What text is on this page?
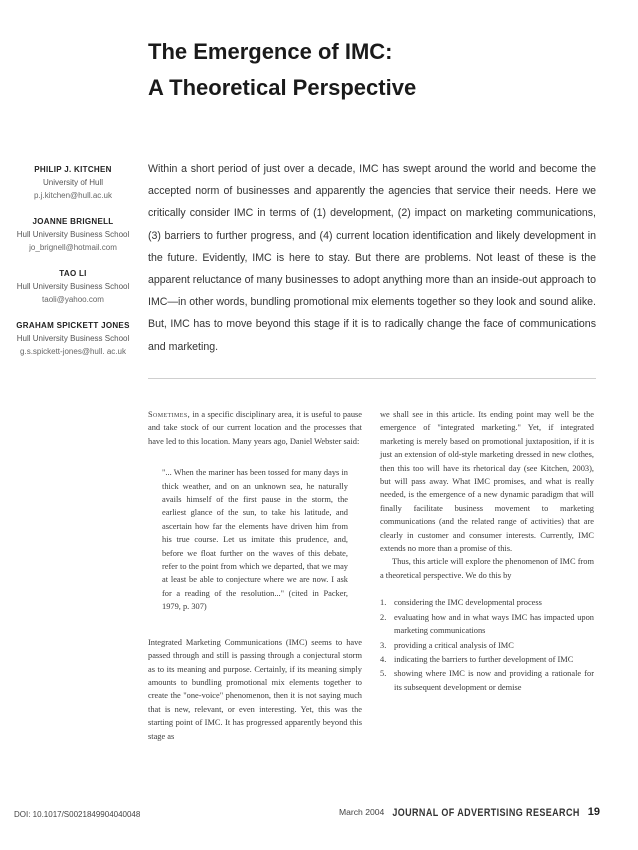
The Emergence of IMC:
A Theoretical Perspective
PHILIP J. KITCHEN
University of Hull
p.j.kitchen@hull.ac.uk
JOANNE BRIGNELL
Hull University Business School
jo_brignell@hotmail.com
TAO LI
Hull University Business School
taoli@yahoo.com
GRAHAM SPICKETT JONES
Hull University Business School
g.s.spickett-jones@hull. ac.uk
Within a short period of just over a decade, IMC has swept around the world and become the accepted norm of businesses and apparently the agencies that service their needs. Here we critically consider IMC in terms of (1) development, (2) impact on marketing communications, (3) barriers to further progress, and (4) current location identification and likely development in the future. Evidently, IMC is here to stay. But there are problems. Not least of these is the apparent reluctance of many businesses to adopt anything more than an inside-out approach to IMC—in other words, bundling promotional mix elements together so they look and sound alike. But, IMC has to move beyond this stage if it is to radically change the face of communications and marketing.

Sometimes, in a specific disciplinary area, it is useful to pause and take stock of our current location and the processes that have led to this location. Many years ago, Daniel Webster said:

"... When the mariner has been tossed for many days in thick weather, and on an unknown sea, he naturally avails himself of the first pause in the storm, the earliest glance of the sun, to take his latitude, and ascertain how far the elements have driven him from his true course. Let us imitate this prudence, and, before we float further on the waves of this debate, refer to the point from which we departed, that we may at least be able to conjecture where we are now. I ask for a reading of the resolution..." (cited in Packer, 1979, p. 307)

Integrated Marketing Communications (IMC) seems to have passed through and still is passing through a conjectural storm as to its meaning and purpose. Certainly, if its meaning simply amounts to bundling promotional mix elements together to create the "one-voice" phenomenon, then it is not saying much that is new, relevant, or even interesting. Yet, this was the starting point of IMC. It has progressed apparently beyond this stage as

we shall see in this article. Its ending point may well be the emergence of "integrated marketing." Yet, if integrated marketing is merely based on promotional juxtaposition, if it is just an extension of old-style marketing dressed in new clothes, then this too will have its rhetorical day (see Kitchen, 2003), but will pass away. What IMC promises, and what is really needed, is the emergence of a new dynamic paradigm that will finally facilitate business movement to marketing communications (and the related range of activities) that are clearly in customer and consumer interests. Currently, IMC extends no more than a promise of this.

Thus, this article will explore the phenomenon of IMC from a theoretical perspective. We do this by

1. considering the IMC developmental process
2. evaluating how and in what ways IMC has impacted upon marketing communications
3. providing a critical analysis of IMC
4. indicating the barriers to further development of IMC
5. showing where IMC is now and providing a rationale for its subsequent development or demise
DOI: 10.1017/S0021849904040048	March 2004 JOURNAL OF ADVERTISING RESEARCH 19
